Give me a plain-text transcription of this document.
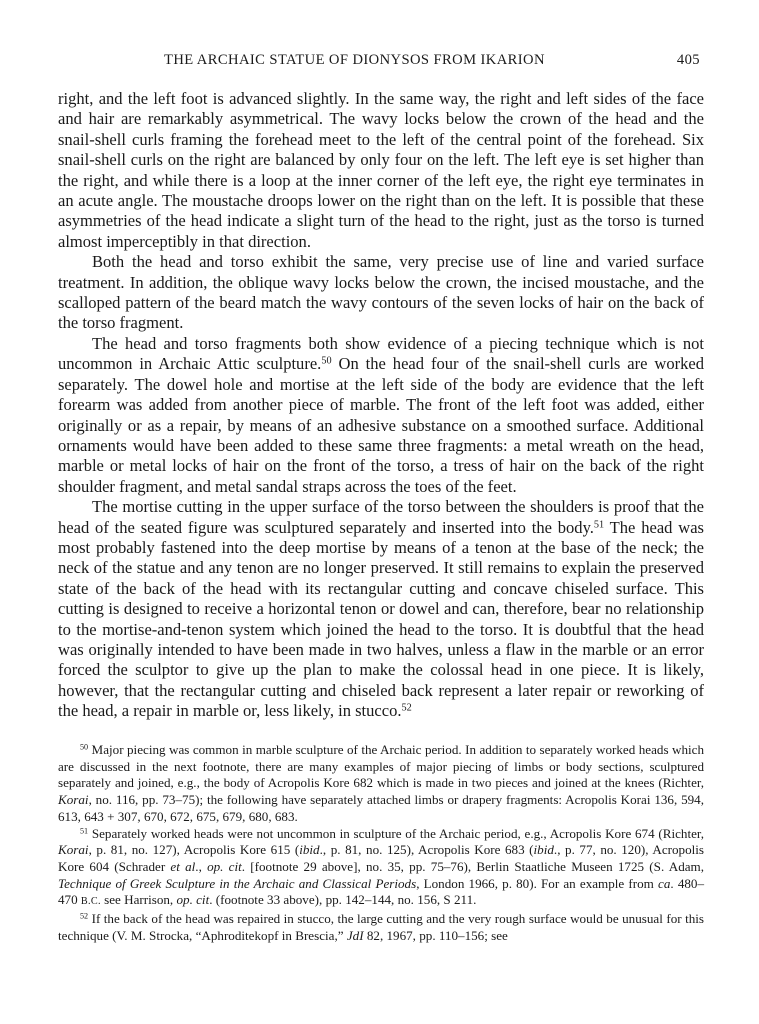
THE ARCHAIC STATUE OF DIONYSOS FROM IKARION	405

right, and the left foot is advanced slightly. In the same way, the right and left sides of the face and hair are remarkably asymmetrical. The wavy locks below the crown of the head and the snail-shell curls framing the forehead meet to the left of the central point of the forehead. Six snail-shell curls on the right are balanced by only four on the left. The left eye is set higher than the right, and while there is a loop at the inner corner of the left eye, the right eye terminates in an acute angle. The moustache droops lower on the right than on the left. It is possible that these asymmetries of the head indicate a slight turn of the head to the right, just as the torso is turned almost imperceptibly in that direction.

Both the head and torso exhibit the same, very precise use of line and varied surface treatment. In addition, the oblique wavy locks below the crown, the incised moustache, and the scalloped pattern of the beard match the wavy contours of the seven locks of hair on the back of the torso fragment.

The head and torso fragments both show evidence of a piecing technique which is not uncommon in Archaic Attic sculpture.$^{50}$ On the head four of the snail-shell curls are worked separately. The dowel hole and mortise at the left side of the body are evidence that the left forearm was added from another piece of marble. The front of the left foot was added, either originally or as a repair, by means of an adhesive substance on a smoothed surface. Additional ornaments would have been added to these same three fragments: a metal wreath on the head, marble or metal locks of hair on the front of the torso, a tress of hair on the back of the right shoulder fragment, and metal sandal straps across the toes of the feet.

The mortise cutting in the upper surface of the torso between the shoulders is proof that the head of the seated figure was sculptured separately and inserted into the body.$^{51}$ The head was most probably fastened into the deep mortise by means of a tenon at the base of the neck; the neck of the statue and any tenon are no longer preserved. It still remains to explain the preserved state of the back of the head with its rectangular cutting and concave chiseled surface. This cutting is designed to receive a horizontal tenon or dowel and can, therefore, bear no relationship to the mortise-and-tenon system which joined the head to the torso. It is doubtful that the head was originally intended to have been made in two halves, unless a flaw in the marble or an error forced the sculptor to give up the plan to make the colossal head in one piece. It is likely, however, that the rectangular cutting and chiseled back represent a later repair or reworking of the head, a repair in marble or, less likely, in stucco.$^{52}$

$^{50}$ Major piecing was common in marble sculpture of the Archaic period. In addition to separately worked heads which are discussed in the next footnote, there are many examples of major piecing of limbs or body sections, sculptured separately and joined, e.g., the body of Acropolis Kore 682 which is made in two pieces and joined at the knees (Richter, Korai, no. 116, pp. 73–75); the following have separately attached limbs or drapery fragments: Acropolis Korai 136, 594, 613, 643 + 307, 670, 672, 675, 679, 680, 683.

$^{51}$ Separately worked heads were not uncommon in sculpture of the Archaic period, e.g., Acropolis Kore 674 (Richter, Korai, p. 81, no. 127), Acropolis Kore 615 (ibid., p. 81, no. 125), Acropolis Kore 683 (ibid., p. 77, no. 120), Acropolis Kore 604 (Schrader et al., op. cit. [footnote 29 above], no. 35, pp. 75–76), Berlin Staatliche Museen 1725 (S. Adam, Technique of Greek Sculpture in the Archaic and Classical Periods, London 1966, p. 80). For an example from ca. 480–470 B.C. see Harrison, op. cit. (footnote 33 above), pp. 142–144, no. 156, S 211.

$^{52}$ If the back of the head was repaired in stucco, the large cutting and the very rough surface would be unusual for this technique (V. M. Strocka, “Aphroditekopf in Brescia,” JdI 82, 1967, pp. 110–156; see
